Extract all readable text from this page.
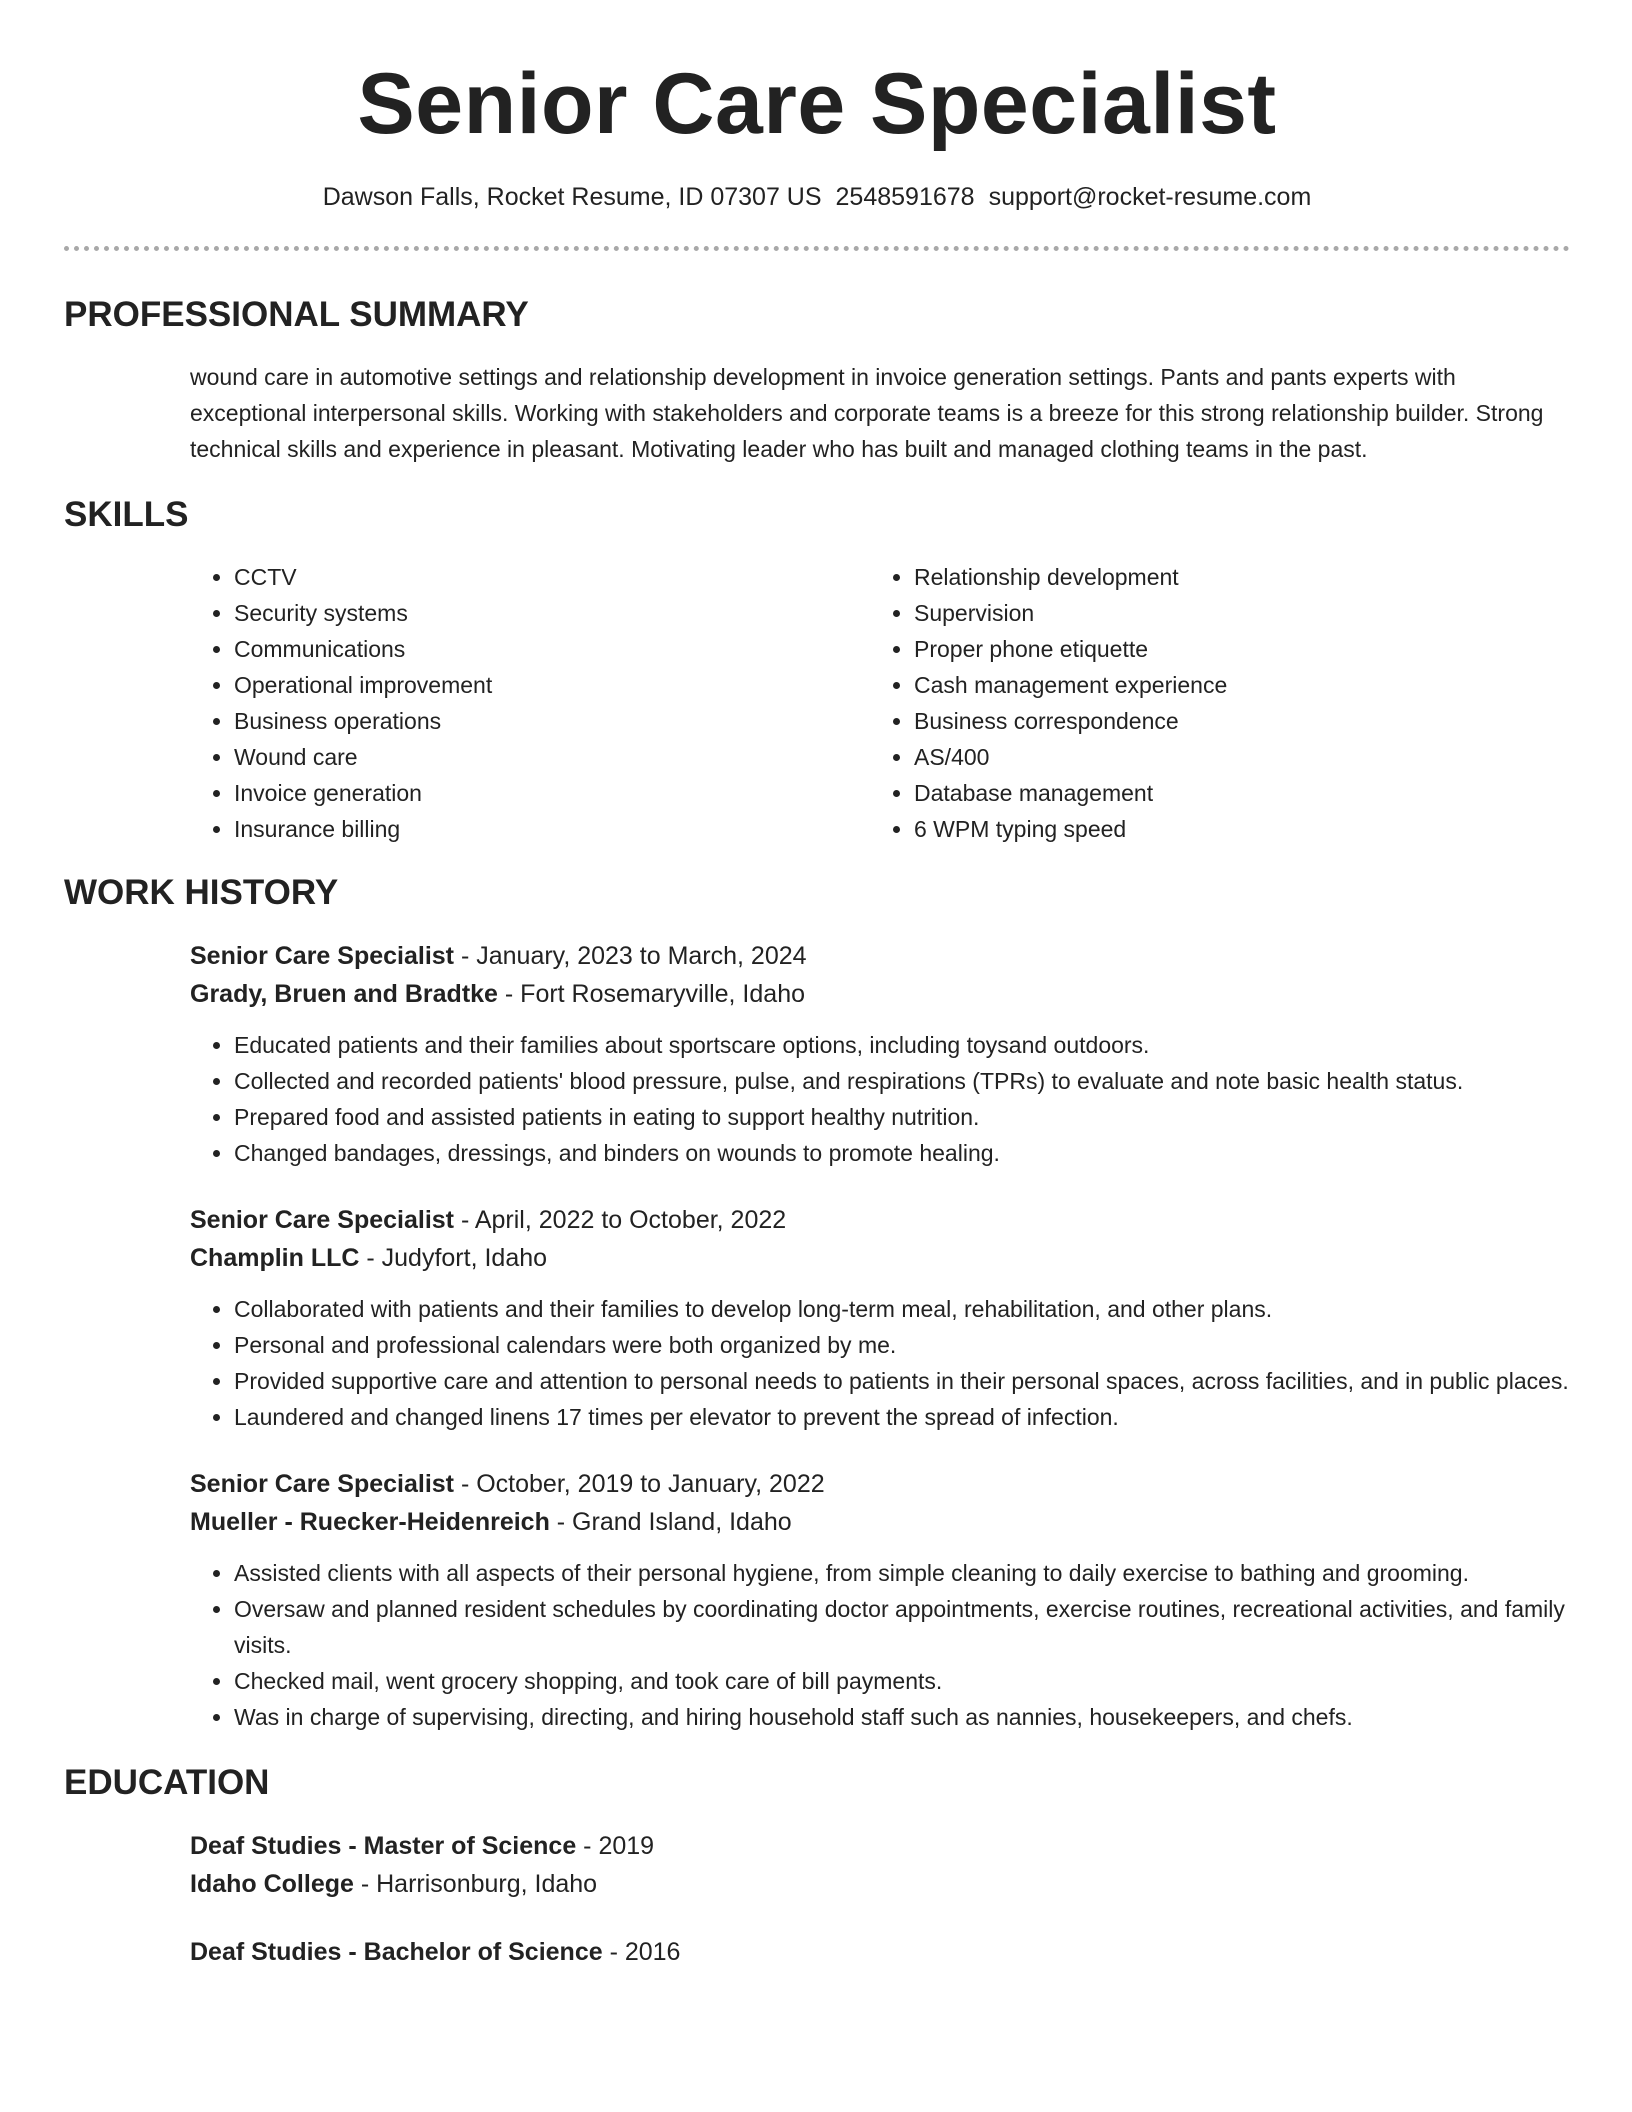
Senior Care Specialist
Dawson Falls, Rocket Resume, ID 07307 US 2548591678 support@rocket-resume.com
PROFESSIONAL SUMMARY
wound care in automotive settings and relationship development in invoice generation settings. Pants and pants experts with exceptional interpersonal skills. Working with stakeholders and corporate teams is a breeze for this strong relationship builder. Strong technical skills and experience in pleasant. Motivating leader who has built and managed clothing teams in the past.
SKILLS
• CCTV
• Security systems
• Communications
• Operational improvement
• Business operations
• Wound care
• Invoice generation
• Insurance billing
• Relationship development
• Supervision
• Proper phone etiquette
• Cash management experience
• Business correspondence
• AS/400
• Database management
• 6 WPM typing speed
WORK HISTORY
Senior Care Specialist - January, 2023 to March, 2024
Grady, Bruen and Bradtke - Fort Rosemaryville, Idaho
• Educated patients and their families about sportscare options, including toysand outdoors.
• Collected and recorded patients' blood pressure, pulse, and respirations (TPRs) to evaluate and note basic health status.
• Prepared food and assisted patients in eating to support healthy nutrition.
• Changed bandages, dressings, and binders on wounds to promote healing.
Senior Care Specialist - April, 2022 to October, 2022
Champlin LLC - Judyfort, Idaho
• Collaborated with patients and their families to develop long-term meal, rehabilitation, and other plans.
• Personal and professional calendars were both organized by me.
• Provided supportive care and attention to personal needs to patients in their personal spaces, across facilities, and in public places.
• Laundered and changed linens 17 times per elevator to prevent the spread of infection.
Senior Care Specialist - October, 2019 to January, 2022
Mueller - Ruecker-Heidenreich - Grand Island, Idaho
• Assisted clients with all aspects of their personal hygiene, from simple cleaning to daily exercise to bathing and grooming.
• Oversaw and planned resident schedules by coordinating doctor appointments, exercise routines, recreational activities, and family visits.
• Checked mail, went grocery shopping, and took care of bill payments.
• Was in charge of supervising, directing, and hiring household staff such as nannies, housekeepers, and chefs.
EDUCATION
Deaf Studies - Master of Science - 2019
Idaho College - Harrisonburg, Idaho
Deaf Studies - Bachelor of Science - 2016
